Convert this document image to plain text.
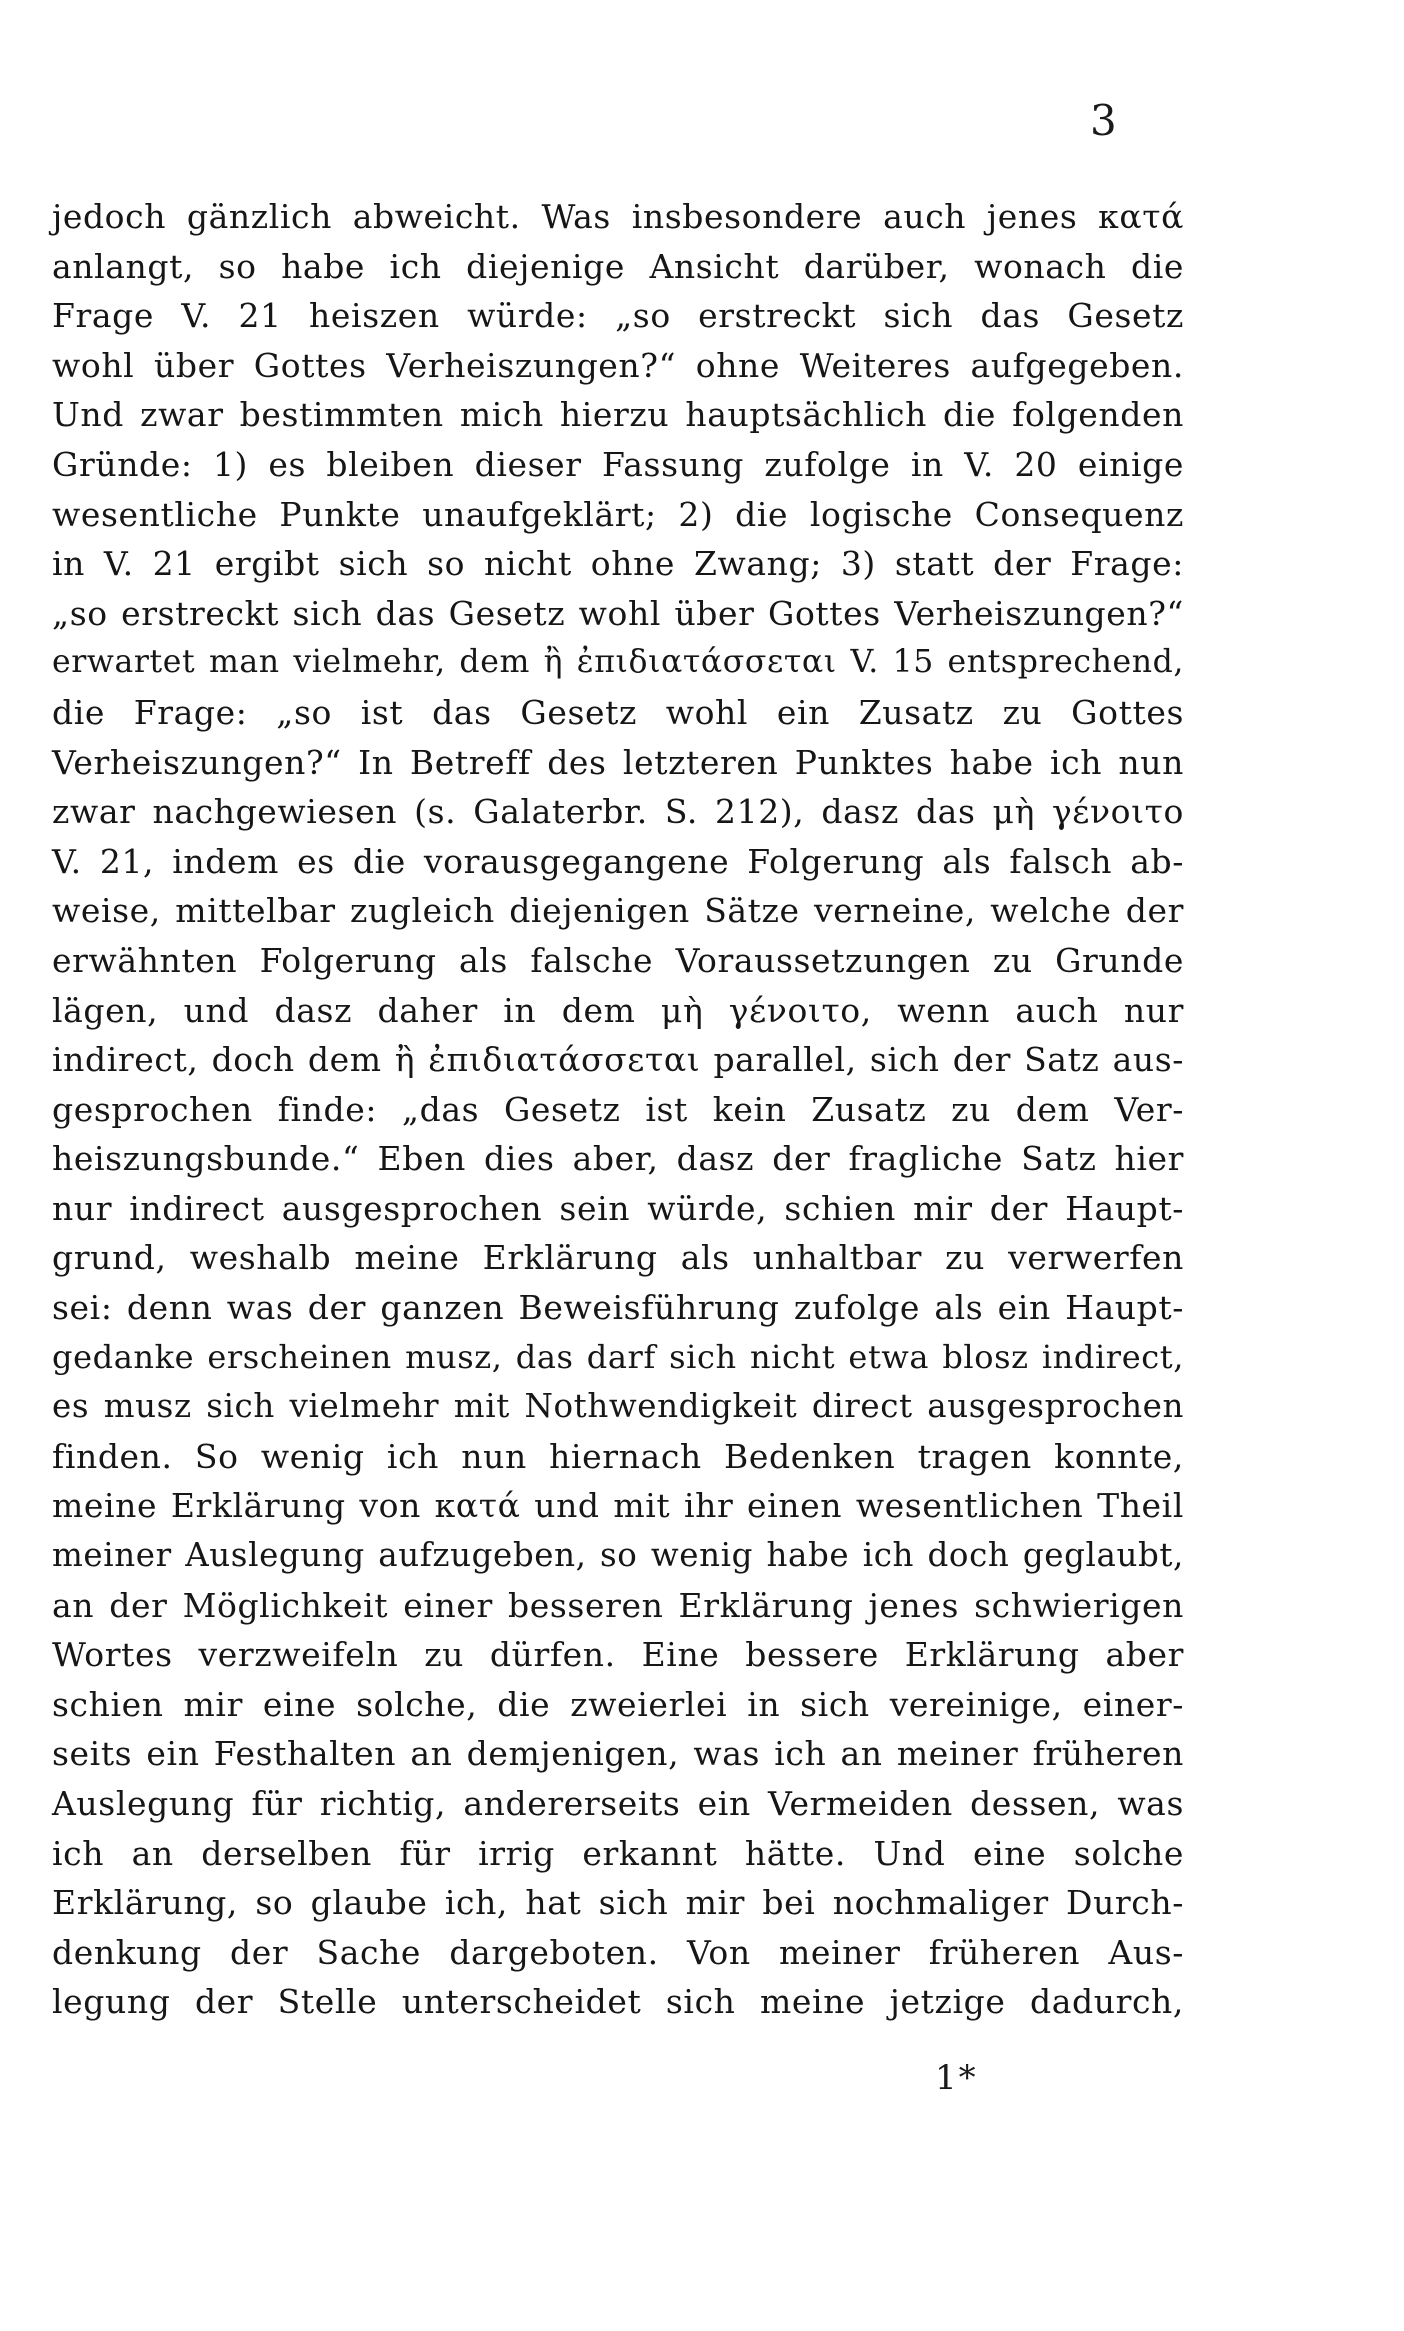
3
jedoch gänzlich abweicht. Was insbesondere auch jenes κατά
anlangt, so habe ich diejenige Ansicht darüber, wonach die
Frage V. 21 heiszen würde: „so erstreckt sich das Gesetz
wohl über Gottes Verheiszungen?“ ohne Weiteres aufgegeben.
Und zwar bestimmten mich hierzu hauptsächlich die folgenden
Gründe: 1) es bleiben dieser Fassung zufolge in V. 20 einige
wesentliche Punkte unaufgeklärt; 2) die logische Consequenz
in V. 21 ergibt sich so nicht ohne Zwang; 3) statt der Frage:
„so erstreckt sich das Gesetz wohl über Gottes Verheiszungen?“
erwartet man vielmehr, dem ἢ ἐπιδιατάσσεται V. 15 entsprechend,
die Frage: „so ist das Gesetz wohl ein Zusatz zu Gottes
Verheiszungen?“ In Betreff des letzteren Punktes habe ich nun
zwar nachgewiesen (s. Galaterbr. S. 212), dasz das μὴ γένοιτο
V. 21, indem es die vorausgegangene Folgerung als falsch ab-
weise, mittelbar zugleich diejenigen Sätze verneine, welche der
erwähnten Folgerung als falsche Voraussetzungen zu Grunde
lägen, und dasz daher in dem μὴ γένοιτο, wenn auch nur
indirect, doch dem ἢ ἐπιδιατάσσεται parallel, sich der Satz aus-
gesprochen finde: „das Gesetz ist kein Zusatz zu dem Ver-
heiszungsbunde.“ Eben dies aber, dasz der fragliche Satz hier
nur indirect ausgesprochen sein würde, schien mir der Haupt-
grund, weshalb meine Erklärung als unhaltbar zu verwerfen
sei: denn was der ganzen Beweisführung zufolge als ein Haupt-
gedanke erscheinen musz, das darf sich nicht etwa blosz indirect,
es musz sich vielmehr mit Nothwendigkeit direct ausgesprochen
finden. So wenig ich nun hiernach Bedenken tragen konnte,
meine Erklärung von κατά und mit ihr einen wesentlichen Theil
meiner Auslegung aufzugeben, so wenig habe ich doch geglaubt,
an der Möglichkeit einer besseren Erklärung jenes schwierigen
Wortes verzweifeln zu dürfen. Eine bessere Erklärung aber
schien mir eine solche, die zweierlei in sich vereinige, einer-
seits ein Festhalten an demjenigen, was ich an meiner früheren
Auslegung für richtig, andererseits ein Vermeiden dessen, was
ich an derselben für irrig erkannt hätte. Und eine solche
Erklärung, so glaube ich, hat sich mir bei nochmaliger Durch-
denkung der Sache dargeboten. Von meiner früheren Aus-
legung der Stelle unterscheidet sich meine jetzige dadurch,
1*
